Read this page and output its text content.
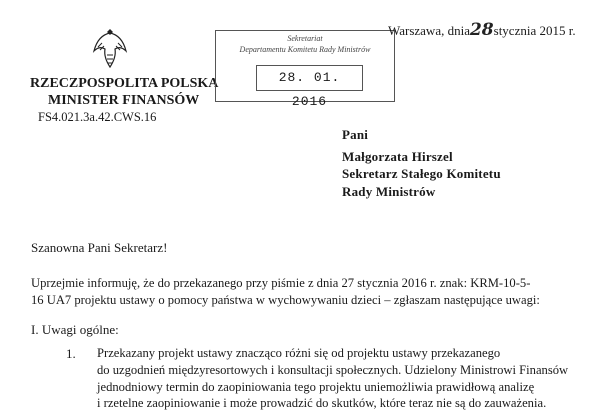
RZECZPOSPOLITA POLSKA
MINISTER FINANSÓW
FS4.021.3a.42.CWS.16
Sekretariat
Departamentu Komitetu Rady Ministrów
28. 01. 2016
Warszawa, dnia28stycznia 2015 r.
Pani
Małgorzata Hirszel
Sekretarz Stałego Komitetu
Rady Ministrów
Szanowna Pani Sekretarz!
Uprzejmie informuję, że do przekazanego przy piśmie z dnia 27 stycznia 2016 r. znak: KRM-10-5-
16 UA7 projektu ustawy o pomocy państwa w wychowywaniu dzieci – zgłaszam następujące uwagi:
I. Uwagi ogólne:
1. Przekazany projekt ustawy znacząco różni się od projektu ustawy przekazanego
do uzgodnień międzyresortowych i konsultacji społecznych. Udzielony Ministrowi Finansów
jednodniowy termin do zaopiniowania tego projektu uniemożliwia prawidłową analizę
i rzetelne zaopiniowanie i może prowadzić do skutków, które teraz nie są do zauważenia.
